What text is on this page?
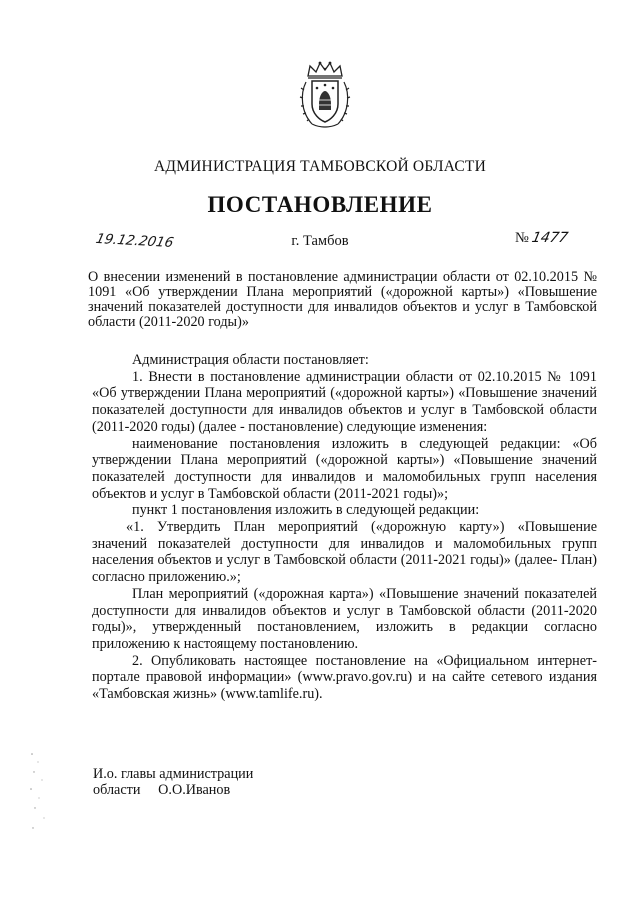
АДМИНИСТРАЦИЯ ТАМБОВСКОЙ ОБЛАСТИ
ПОСТАНОВЛЕНИЕ
19.12.2016	г. Тамбов	№1477
О внесении изменений в постановление администрации области от 02.10.2015 № 1091 «Об утверждении Плана мероприятий («дорожной карты») «Повышение значений показателей доступности для инвалидов объектов и услуг в Тамбовской области (2011-2020 годы)»

Администрация области постановляет:

1. Внести в постановление администрации области от 02.10.2015 № 1091 «Об утверждении Плана мероприятий («дорожной карты») «Повышение значений показателей доступности для инвалидов объектов и услуг в Тамбовской области (2011-2020 годы) (далее - постановление) следующие изменения:

наименование постановления изложить в следующей редакции: «Об утверждении Плана мероприятий («дорожной карты») «Повышение значений показателей доступности для инвалидов и маломобильных групп населения объектов и услуг в Тамбовской области (2011-2021 годы)»;

пункт 1 постановления изложить в следующей редакции:

«1. Утвердить План мероприятий («дорожную карту») «Повышение значений показателей доступности для инвалидов и маломобильных групп населения объектов и услуг в Тамбовской области (2011-2021 годы)» (далее- План) согласно приложению.»;

План мероприятий («дорожная карта») «Повышение значений показателей доступности для инвалидов объектов и услуг в Тамбовской области (2011-2020 годы)», утвержденный постановлением, изложить в редакции согласно приложению к настоящему постановлению.

2. Опубликовать настоящее постановление на «Официальном интернет-портале правовой информации» (www.pravo.gov.ru) и на сайте сетевого издания «Тамбовская жизнь» (www.tamlife.ru).

И.о. главы администрации
области О.О.Иванов
